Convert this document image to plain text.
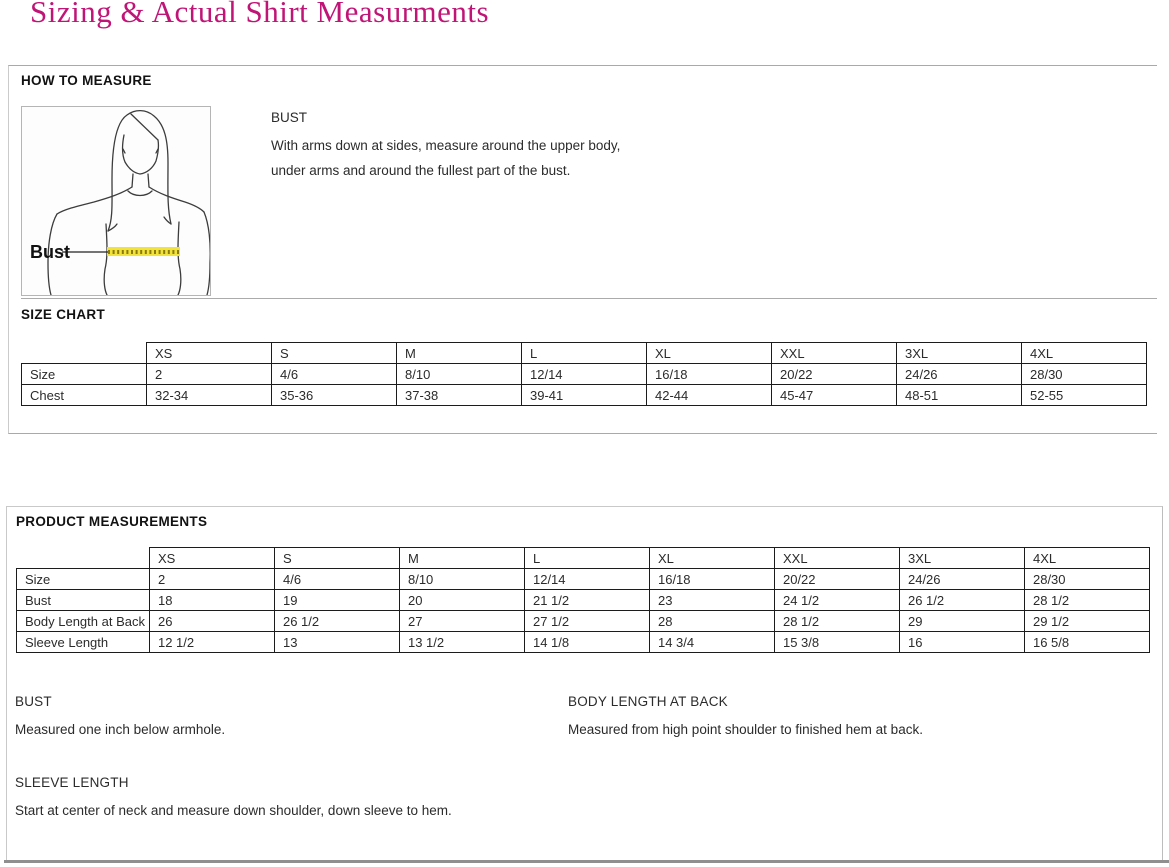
Sizing & Actual Shirt Measurments
HOW TO MEASURE
Bust
BUST
With arms down at sides, measure around the upper body,
under arms and around the fullest part of the bust.
SIZE CHART
	XS	S	M	L	XL	XXL	3XL	4XL
Size	2	4/6	8/10	12/14	16/18	20/22	24/26	28/30
Chest	32-34	35-36	37-38	39-41	42-44	45-47	48-51	52-55
PRODUCT MEASUREMENTS
	XS	S	M	L	XL	XXL	3XL	4XL
Size	2	4/6	8/10	12/14	16/18	20/22	24/26	28/30
Bust	18	19	20	21 1/2	23	24 1/2	26 1/2	28 1/2
Body Length at Back	26	26 1/2	27	27 1/2	28	28 1/2	29	29 1/2
Sleeve Length	12 1/2	13	13 1/2	14 1/8	14 3/4	15 3/8	16	16 5/8
BUST
Measured one inch below armhole.
BODY LENGTH AT BACK
Measured from high point shoulder to finished hem at back.
SLEEVE LENGTH
Start at center of neck and measure down shoulder, down sleeve to hem.
